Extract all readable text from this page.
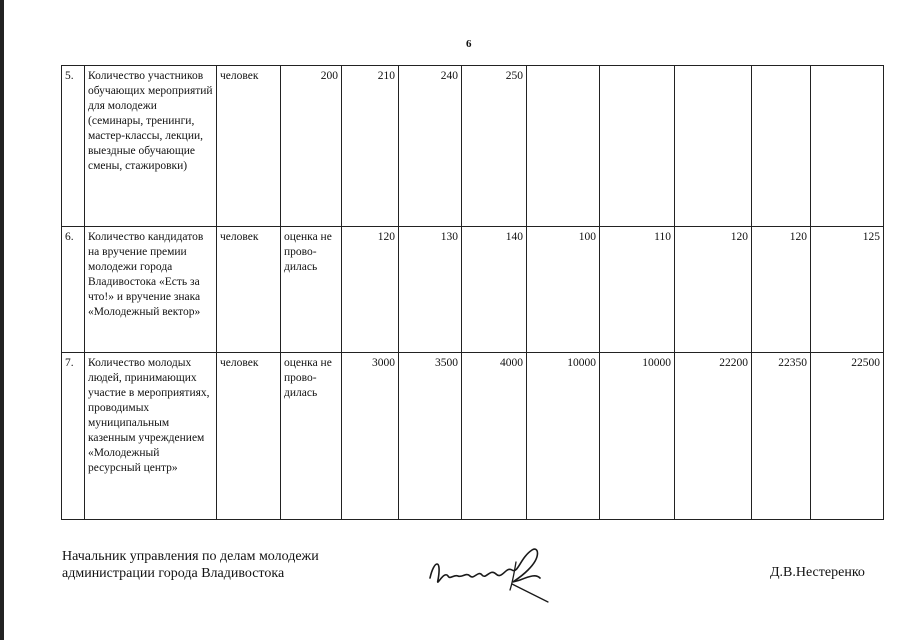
6
5.	Количество участников обучающих мероприятий для молодежи (семинары, тренинги, мастер-классы, лекции, выездные обучающие смены, стажировки)	человек	200	210	240	250					
6.	Количество кандидатов на вручение премии молодежи города Владивостока «Есть за что!» и вручение знака «Молодежный вектор»	человек	оценка не прово-дилась	120	130	140	100	110	120	120	125
7.	Количество молодых людей, принимающих участие в мероприятиях, проводимых муниципальным казенным учреждением «Молодежный ресурсный центр»	человек	оценка не прово-дилась	3000	3500	4000	10000	10000	22200	22350	22500
Начальник управления по делам молодежи
администрации города Владивостока	Д.В.Нестеренко
